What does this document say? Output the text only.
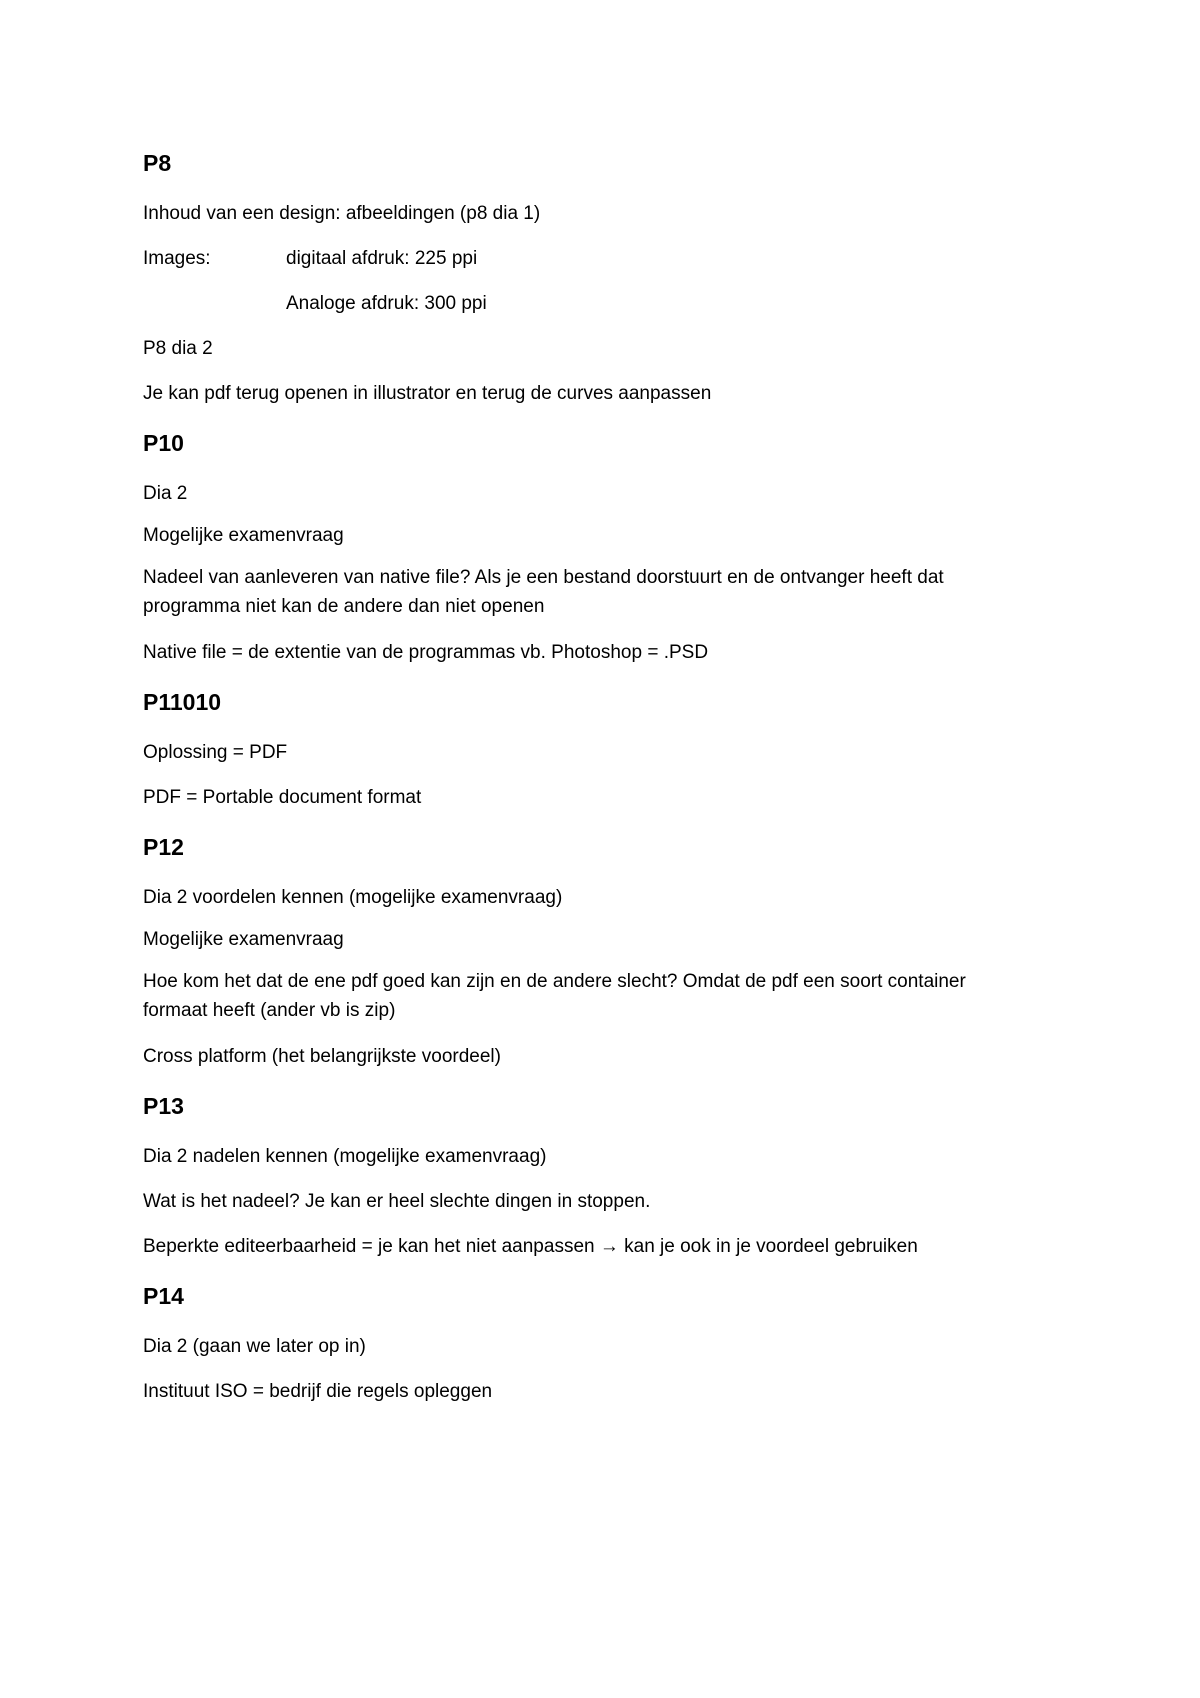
P8
Inhoud van een design: afbeeldingen (p8 dia 1)
Images:	digitaal afdruk: 225 ppi
Analoge afdruk: 300 ppi
P8 dia 2
Je kan pdf terug openen in illustrator en terug de curves aanpassen
P10
Dia 2
Mogelijke examenvraag
Nadeel van aanleveren van native file? Als je een bestand doorstuurt en de ontvanger heeft dat
programma niet kan de andere dan niet openen
Native file = de extentie van de programmas vb. Photoshop = .PSD
P11010
Oplossing = PDF
PDF = Portable document format
P12
Dia 2 voordelen kennen (mogelijke examenvraag)
Mogelijke examenvraag
Hoe kom het dat de ene pdf goed kan zijn en de andere slecht? Omdat de pdf een soort container
formaat heeft (ander vb is zip)
Cross platform (het belangrijkste voordeel)
P13
Dia 2 nadelen kennen (mogelijke examenvraag)
Wat is het nadeel? Je kan er heel slechte dingen in stoppen.
Beperkte editeerbaarheid = je kan het niet aanpassen → kan je ook in je voordeel gebruiken
P14
Dia 2 (gaan we later op in)
Instituut ISO = bedrijf die regels opleggen
